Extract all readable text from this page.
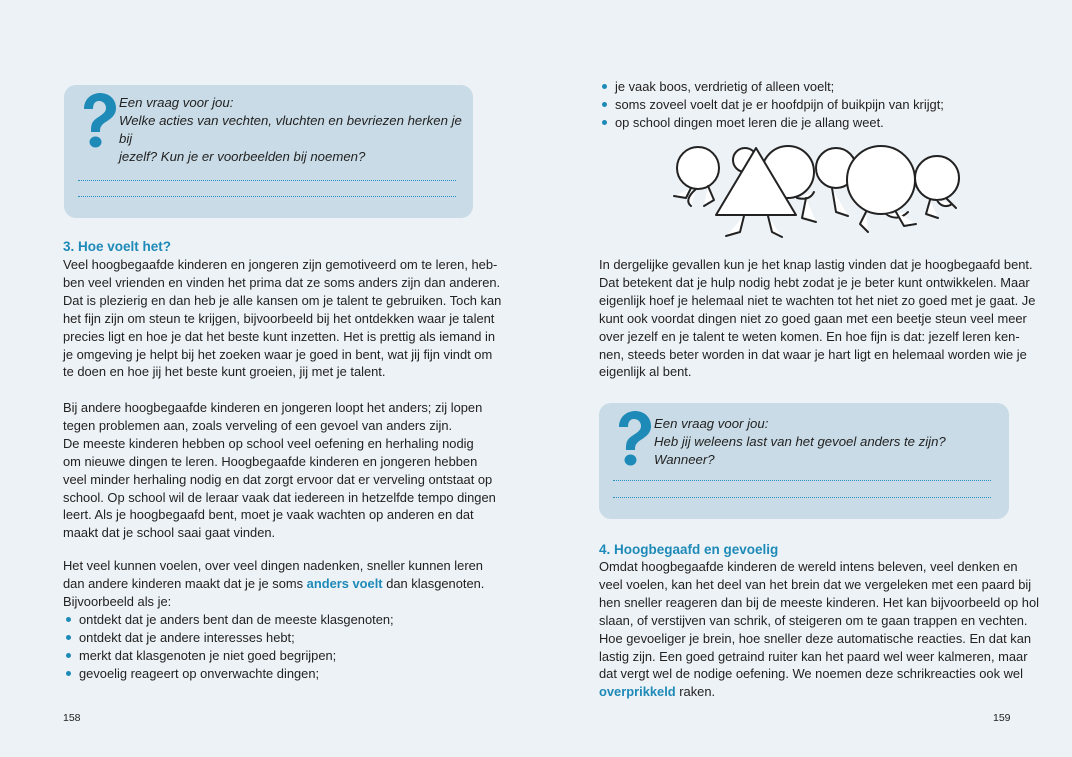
Een vraag voor jou:
Welke acties van vechten, vluchten en bevriezen herken je bij
jezelf? Kun je er voorbeelden bij noemen?
3. Hoe voelt het?
Veel hoogbegaafde kinderen en jongeren zijn gemotiveerd om te leren, heb-
ben veel vrienden en vinden het prima dat ze soms anders zijn dan anderen.
Dat is plezierig en dan heb je alle kansen om je talent te gebruiken. Toch kan
het fijn zijn om steun te krijgen, bijvoorbeeld bij het ontdekken waar je talent
precies ligt en hoe je dat het beste kunt inzetten. Het is prettig als iemand in
je omgeving je helpt bij het zoeken waar je goed in bent, wat jij fijn vindt om
te doen en hoe jij het beste kunt groeien, jij met je talent.
Bij andere hoogbegaafde kinderen en jongeren loopt het anders; zij lopen
tegen problemen aan, zoals verveling of een gevoel van anders zijn.
De meeste kinderen hebben op school veel oefening en herhaling nodig
om nieuwe dingen te leren. Hoogbegaafde kinderen en jongeren hebben
veel minder herhaling nodig en dat zorgt ervoor dat er verveling ontstaat op
school. Op school wil de leraar vaak dat iedereen in hetzelfde tempo dingen
leert. Als je hoogbegaafd bent, moet je vaak wachten op anderen en dat
maakt dat je school saai gaat vinden.
Het veel kunnen voelen, over veel dingen nadenken, sneller kunnen leren
dan andere kinderen maakt dat je je soms anders voelt dan klasgenoten.
Bijvoorbeeld als je:
ontdekt dat je anders bent dan de meeste klasgenoten;
ontdekt dat je andere interesses hebt;
merkt dat klasgenoten je niet goed begrijpen;
gevoelig reageert op onverwachte dingen;
158
je vaak boos, verdrietig of alleen voelt;
soms zoveel voelt dat je er hoofdpijn of buikpijn van krijgt;
op school dingen moet leren die je allang weet.
In dergelijke gevallen kun je het knap lastig vinden dat je hoogbegaafd bent.
Dat betekent dat je hulp nodig hebt zodat je je beter kunt ontwikkelen. Maar
eigenlijk hoef je helemaal niet te wachten tot het niet zo goed met je gaat. Je
kunt ook voordat dingen niet zo goed gaan met een beetje steun veel meer
over jezelf en je talent te weten komen. En hoe fijn is dat: jezelf leren ken-
nen, steeds beter worden in dat waar je hart ligt en helemaal worden wie je
eigenlijk al bent.
Een vraag voor jou:
Heb jij weleens last van het gevoel anders te zijn? Wanneer?
4. Hoogbegaafd en gevoelig
Omdat hoogbegaafde kinderen de wereld intens beleven, veel denken en
veel voelen, kan het deel van het brein dat we vergeleken met een paard bij
hen sneller reageren dan bij de meeste kinderen. Het kan bijvoorbeeld op hol
slaan, of verstijven van schrik, of steigeren om te gaan trappen en vechten.
Hoe gevoeliger je brein, hoe sneller deze automatische reacties. En dat kan
lastig zijn. Een goed getraind ruiter kan het paard wel weer kalmeren, maar
dat vergt wel de nodige oefening. We noemen deze schrikreacties ook wel
overprikkeld raken.
159
